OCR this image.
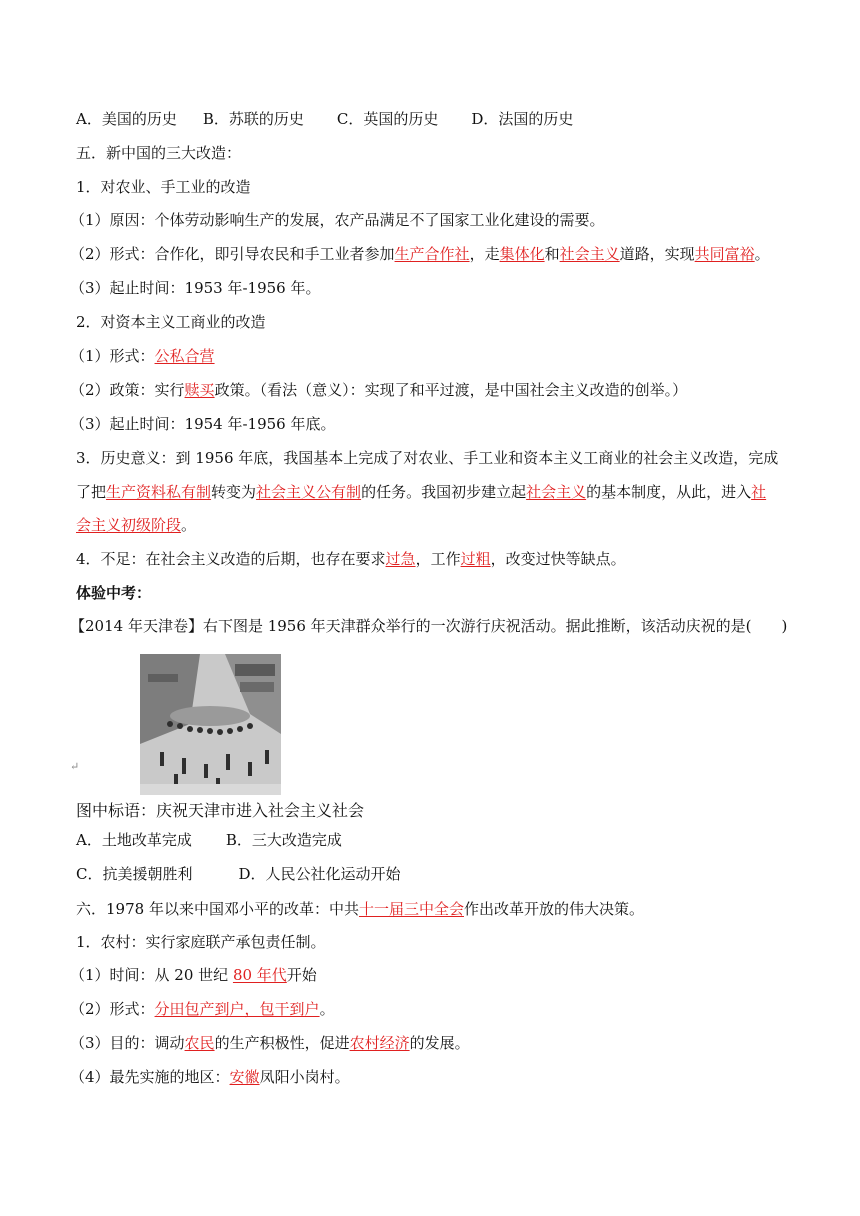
A．美国的历史 B．苏联的历史 C．英国的历史 D．法国的历史
五．新中国的三大改造：
1．对农业、手工业的改造
（1）原因：个体劳动影响生产的发展，农产品满足不了国家工业化建设的需要。
（2）形式：合作化，即引导农民和手工业者参加生产合作社，走集体化和社会主义道路，实现共同富裕。
（3）起止时间：1953 年-1956 年。
2．对资本主义工商业的改造
（1）形式：公私合营
（2）政策：实行赎买政策。（看法（意义）：实现了和平过渡，是中国社会主义改造的创举。）
（3）起止时间：1954 年-1956 年底。
3．历史意义：到 1956 年底，我国基本上完成了对农业、手工业和资本主义工商业的社会主义改造，完成
了把生产资料私有制转变为社会主义公有制的任务。我国初步建立起社会主义的基本制度，从此，进入社
会主义初级阶段。
4．不足：在社会主义改造的后期，也存在要求过急，工作过粗，改变过快等缺点。
体验中考：
【2014 年天津卷】右下图是 1956 年天津群众举行的一次游行庆祝活动。据此推断，该活动庆祝的是(　　)
↵
图中标语：庆祝天津市进入社会主义社会
A．土地改革完成 B．三大改造完成
C．抗美援朝胜利	D．人民公社化运动开始
六．1978 年以来中国邓小平的改革：中共十一届三中全会作出改革开放的伟大决策。
1．农村：实行家庭联产承包责任制。
（1）时间：从 20 世纪 80 年代开始
（2）形式：分田包产到户，包干到户。
（3）目的：调动农民的生产积极性，促进农村经济的发展。
（4）最先实施的地区：安徽凤阳小岗村。
